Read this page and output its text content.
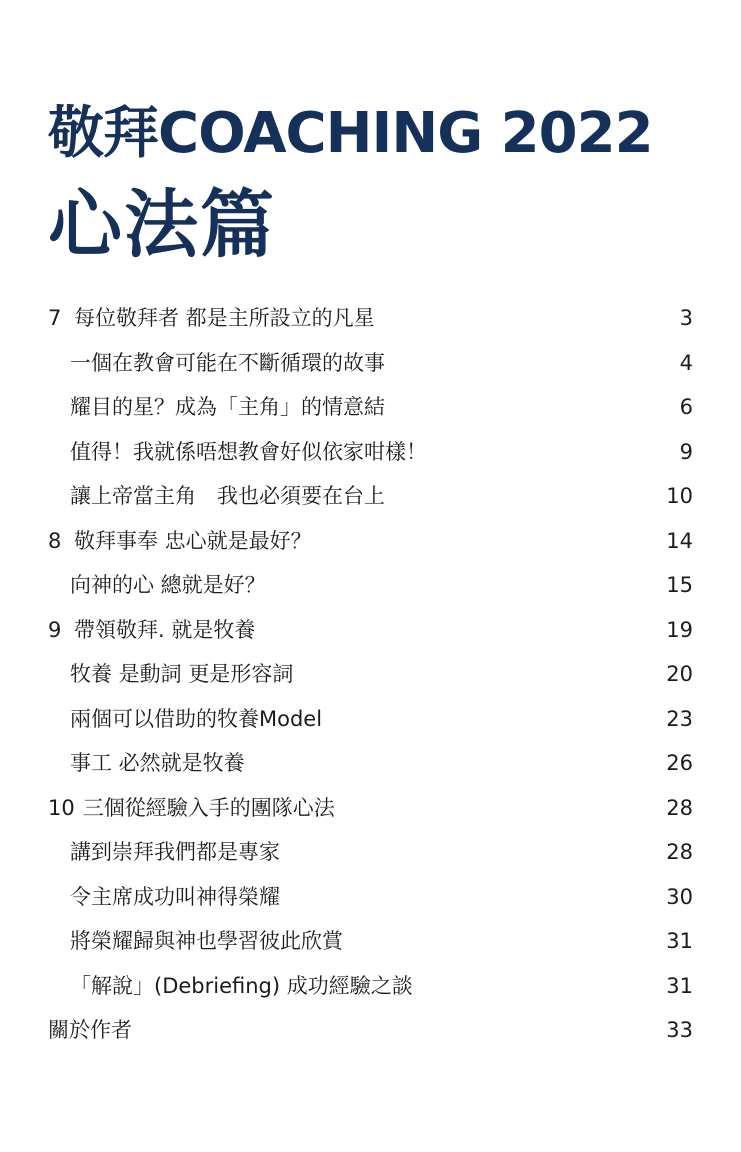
敬拜COACHING 2022
心法篇
7 每位敬拜者 都是主所設立的凡星	3
一個在教會可能在不斷循環的故事	4
耀目的星？成為「主角」的情意結	6
值得！我就係唔想教會好似依家咁樣！	9
讓上帝當主角　我也必須要在台上	10
8 敬拜事奉 忠心就是最好？	14
向神的心 總就是好？	15
9 帶領敬拜. 就是牧養	19
牧養 是動詞 更是形容詞	20
兩個可以借助的牧養Model	23
事工 必然就是牧養	26
10 三個從經驗入手的團隊心法	28
講到崇拜我們都是專家	28
令主席成功叫神得榮耀	30
將榮耀歸與神也學習彼此欣賞	31
「解說」(Debriefing) 成功經驗之談	31
關於作者	33
